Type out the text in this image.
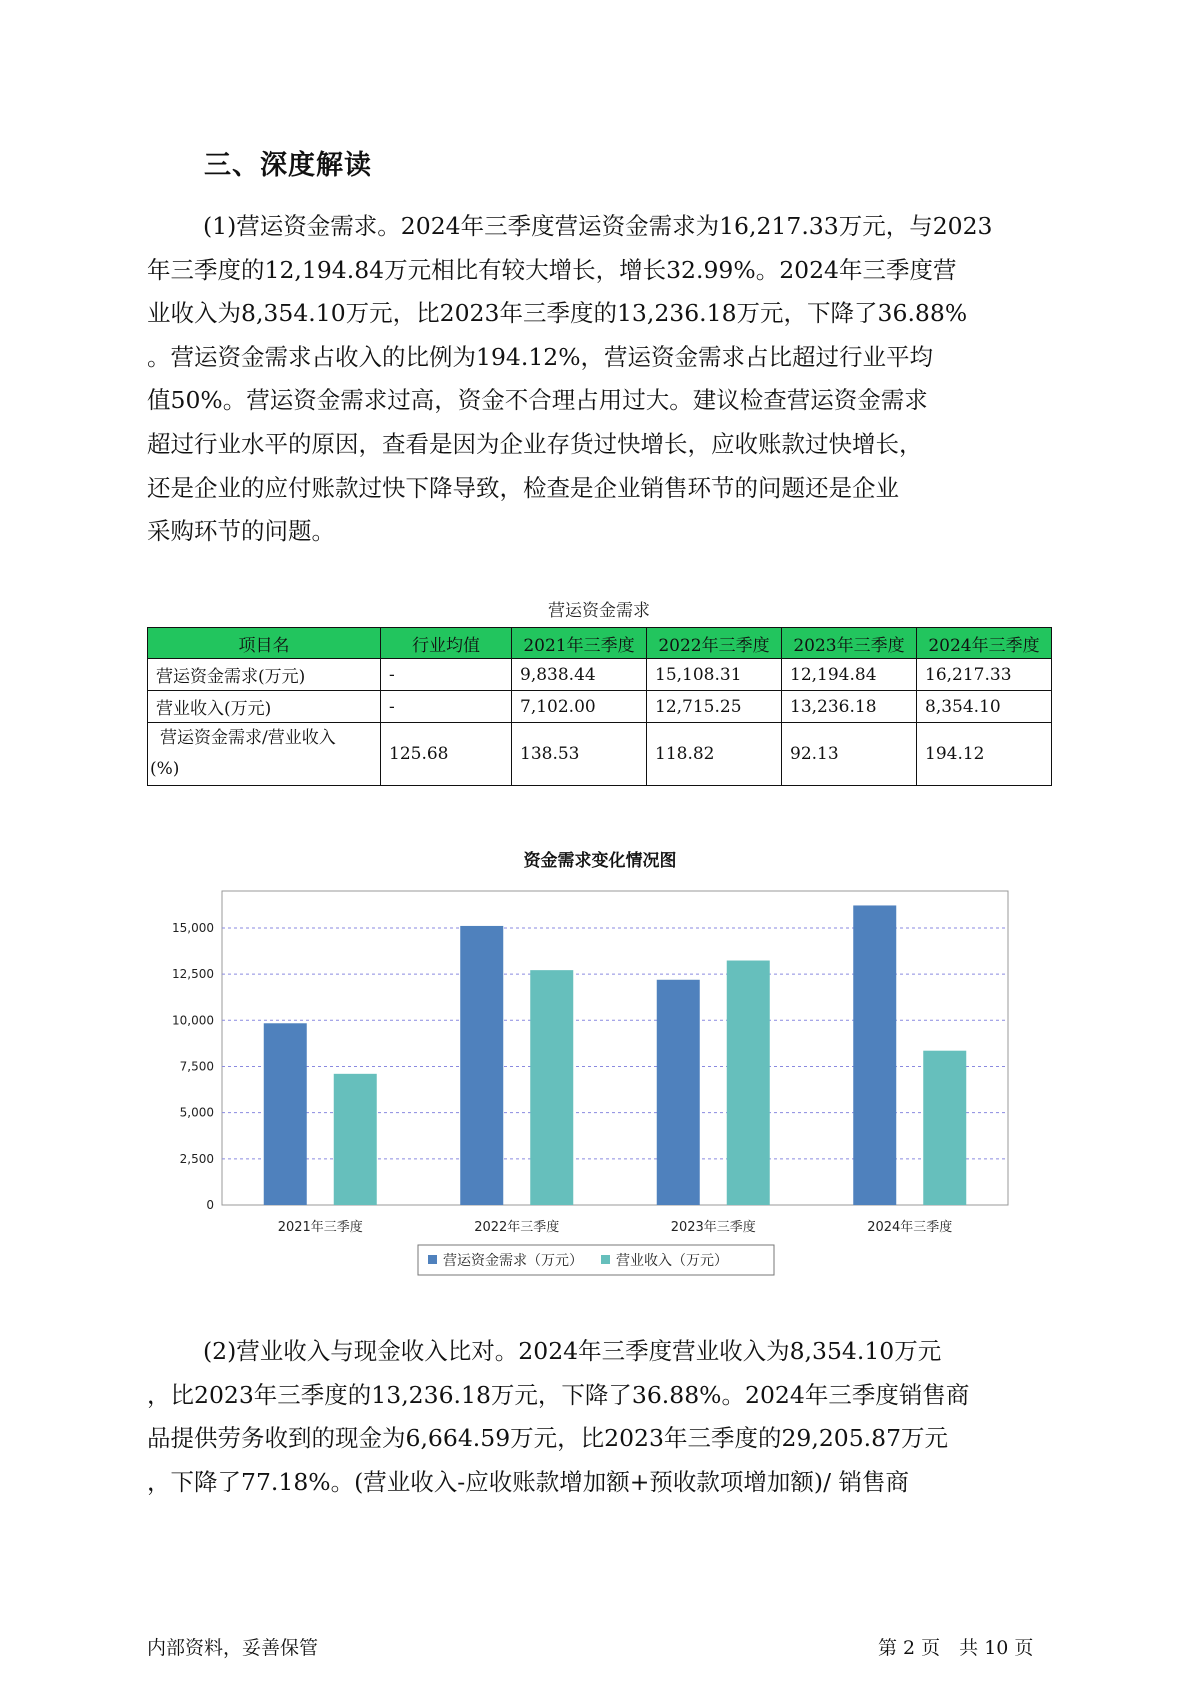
三、深度解读
(1)营运资金需求。2024年三季度营运资金需求为16,217.33万元，与2023
年三季度的12,194.84万元相比有较大增长，增长32.99%。2024年三季度营
业收入为8,354.10万元，比2023年三季度的13,236.18万元，下降了36.88%
。营运资金需求占收入的比例为194.12%，营运资金需求占比超过行业平均
值50%。营运资金需求过高，资金不合理占用过大。建议检查营运资金需求
超过行业水平的原因，查看是因为企业存货过快增长，应收账款过快增长，
还是企业的应付账款过快下降导致，检查是企业销售环节的问题还是企业
采购环节的问题。
营运资金需求
项目名	行业均值	2021年三季度	2022年三季度	2023年三季度	2024年三季度
营运资金需求(万元)	-	9,838.44	15,108.31	12,194.84	16,217.33
营业收入(万元)	-	7,102.00	12,715.25	13,236.18	8,354.10

营运资金需求/营业收入
(%)	125.68	138.53	118.82	92.13	194.12
资金需求变化情况图
0
2,500
5,000
7,500
10,000
12,500
15,000
2021年三季度	2022年三季度	2023年三季度	2024年三季度
营运资金需求（万元） 营业收入（万元）
(2)营业收入与现金收入比对。2024年三季度营业收入为8,354.10万元
，比2023年三季度的13,236.18万元，下降了36.88%。2024年三季度销售商
品提供劳务收到的现金为6,664.59万元，比2023年三季度的29,205.87万元
，下降了77.18%。(营业收入-应收账款增加额+预收款项增加额)/ 销售商
内部资料，妥善保管	第 2 页　共 10 页
